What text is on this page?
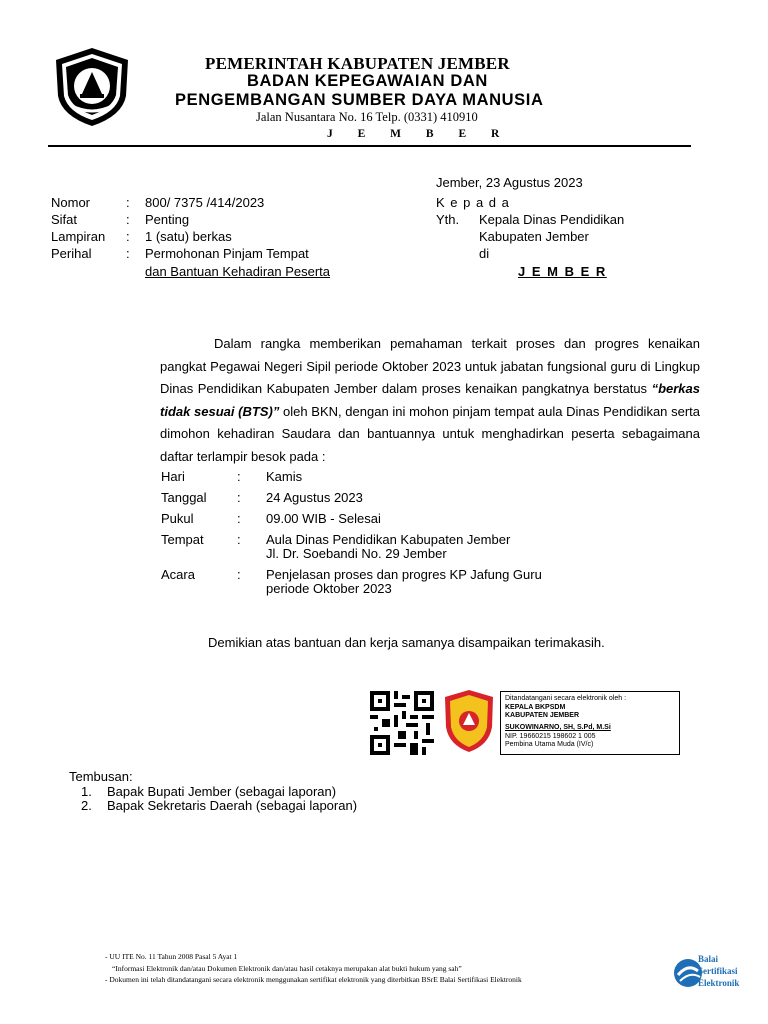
PEMERINTAH KABUPATEN JEMBER
BADAN KEPEGAWAIAN DAN
PENGEMBANGAN SUMBER DAYA MANUSIA
Jalan Nusantara No. 16 Telp. (0331) 410910
J E M B E R
Jember, 23 Agustus 2023
Nomor	: 800/ 7375 /414/2023
Sifat	: Penting
Lampiran : 1 (satu) berkas
Perihal	: Permohonan Pinjam Tempat
dan Bantuan Kehadiran Peserta
K e p a d a
Yth. Kepala Dinas Pendidikan
Kabupaten Jember
di
J E M B E R
Dalam rangka memberikan pemahaman terkait proses dan progres kenaikan pangkat Pegawai Negeri Sipil periode Oktober 2023 untuk jabatan fungsional guru di Lingkup Dinas Pendidikan Kabupaten Jember dalam proses kenaikan pangkatnya berstatus “berkas tidak sesuai (BTS)” oleh BKN, dengan ini mohon pinjam tempat aula Dinas Pendidikan serta dimohon kehadiran Saudara dan bantuannya untuk menghadirkan peserta sebagaimana daftar terlampir besok pada :
Hari	: Kamis
Tanggal : 24 Agustus 2023
Pukul	: 09.00 WIB - Selesai
Tempat	: Aula Dinas Pendidikan Kabupaten Jember
Jl. Dr. Soebandi No. 29 Jember
Acara	: Penjelasan proses dan progres KP Jafung Guru
periode Oktober 2023
Demikian atas bantuan dan kerja samanya disampaikan terimakasih.
Ditandatangani secara elektronik oleh :
KEPALA BKPSDM
KABUPATEN JEMBER
SUKOWINARNO, SH, S.Pd, M.Si
NIP. 19660215 198602 1 005
Pembina Utama Muda (IV/c)
Tembusan:
1. Bapak Bupati Jember (sebagai laporan)
2. Bapak Sekretaris Daerah (sebagai laporan)
- UU ITE No. 11 Tahun 2008 Pasal 5 Ayat 1
“Informasi Elektronik dan/atau Dokumen Elektronik dan/atau hasil cetaknya merupakan alat bukti hukum yang sah”
- Dokumen ini telah ditandatangani secara elektronik menggunakan sertifikat elektronik yang diterbitkan BSrE Balai Sertifikasi Elektronik
Balai
Sertifikasi
Elektronik
